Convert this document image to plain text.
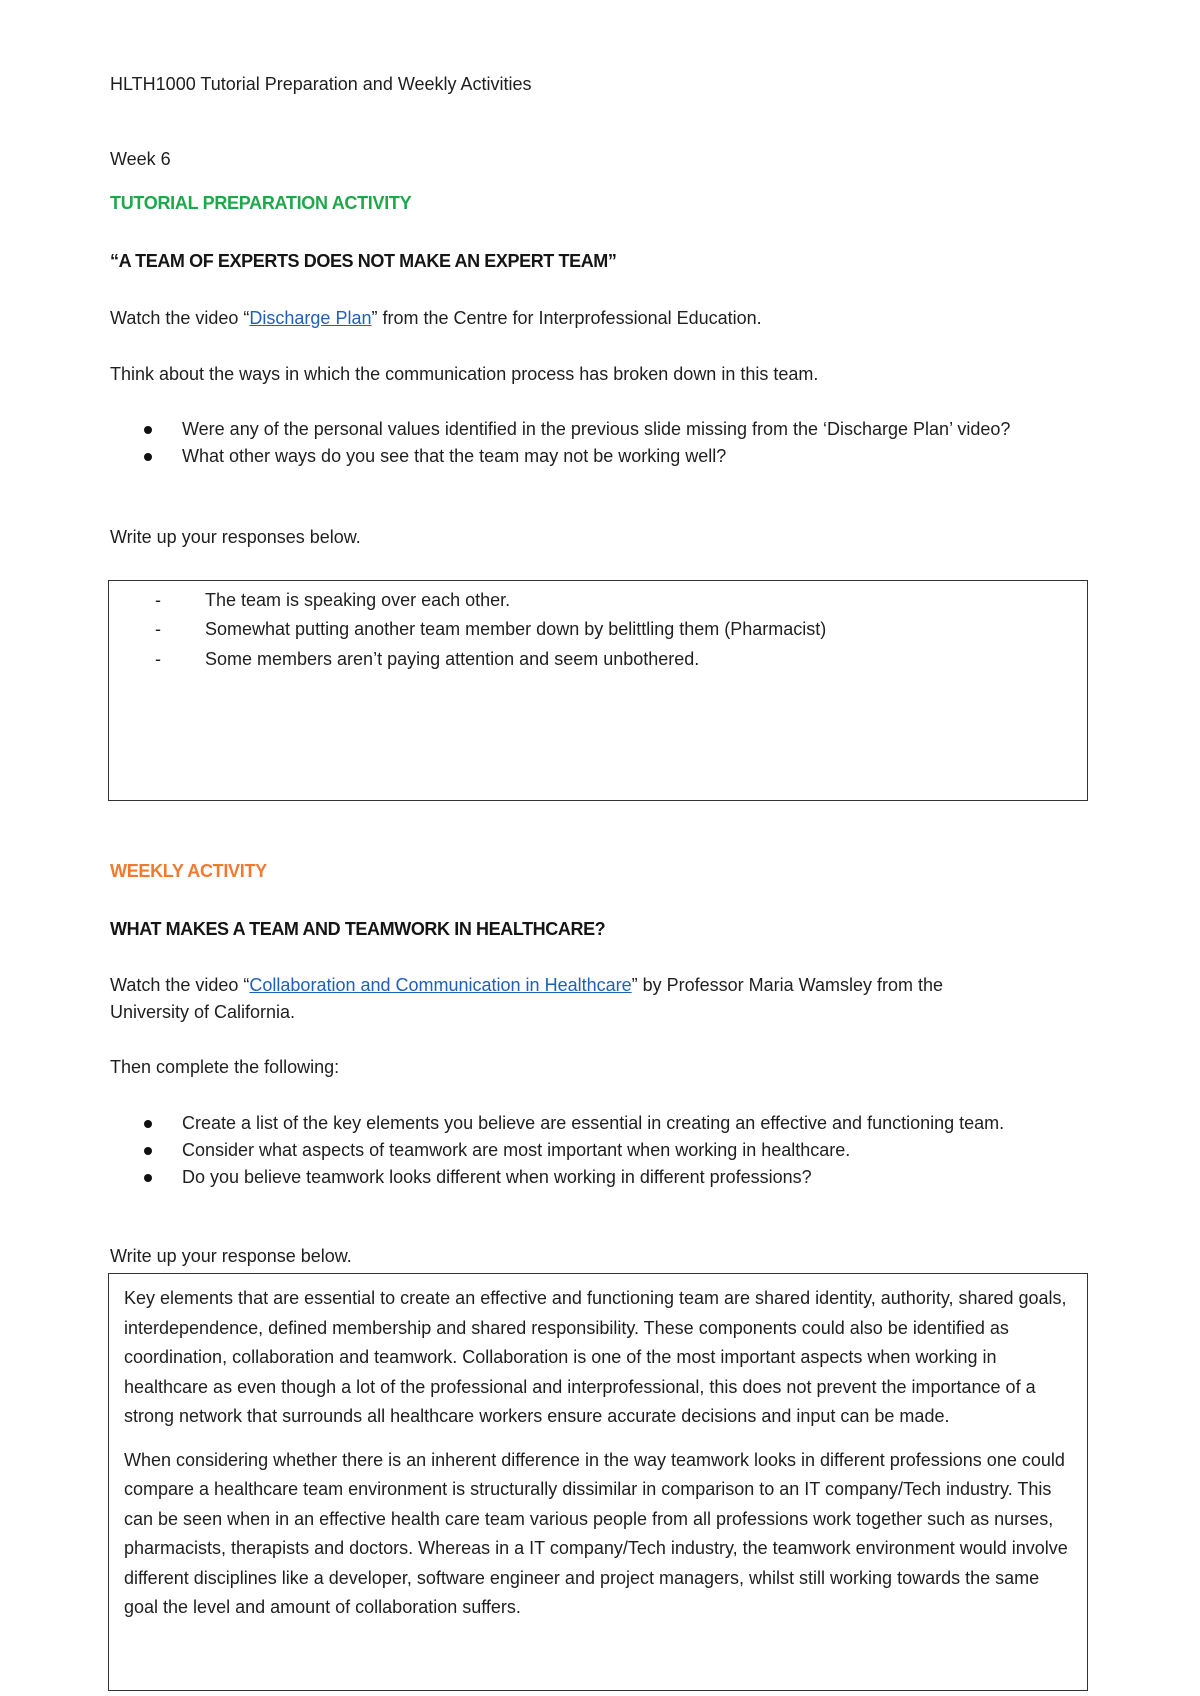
HLTH1000 Tutorial Preparation and Weekly Activities
Week 6
TUTORIAL PREPARATION ACTIVITY
“A TEAM OF EXPERTS DOES NOT MAKE AN EXPERT TEAM”
Watch the video “Discharge Plan” from the Centre for Interprofessional Education.
Think about the ways in which the communication process has broken down in this team.
Were any of the personal values identified in the previous slide missing from the ‘Discharge Plan’ video?
What other ways do you see that the team may not be working well?
Write up your responses below.
- The team is speaking over each other.
- Somewhat putting another team member down by belittling them (Pharmacist)
- Some members aren’t paying attention and seem unbothered.
WEEKLY ACTIVITY
WHAT MAKES A TEAM AND TEAMWORK IN HEALTHCARE?
Watch the video “Collaboration and Communication in Healthcare” by Professor Maria Wamsley from the
University of California.
Then complete the following:
Create a list of the key elements you believe are essential in creating an effective and functioning team.
Consider what aspects of teamwork are most important when working in healthcare.
Do you believe teamwork looks different when working in different professions?
Write up your response below.

Key elements that are essential to create an effective and functioning team are shared identity, authority, shared goals, interdependence, defined membership and shared responsibility. These components could also be identified as coordination, collaboration and teamwork. Collaboration is one of the most important aspects when working in healthcare as even though a lot of the professional and interprofessional, this does not prevent the importance of a strong network that surrounds all healthcare workers ensure accurate decisions and input can be made.

When considering whether there is an inherent difference in the way teamwork looks in different professions one could compare a healthcare team environment is structurally dissimilar in comparison to an IT company/Tech industry. This can be seen when in an effective health care team various people from all professions work together such as nurses, pharmacists, therapists and doctors. Whereas in a IT company/Tech industry, the teamwork environment would involve different disciplines like a developer, software engineer and project managers, whilst still working towards the same goal the level and amount of collaboration suffers.
